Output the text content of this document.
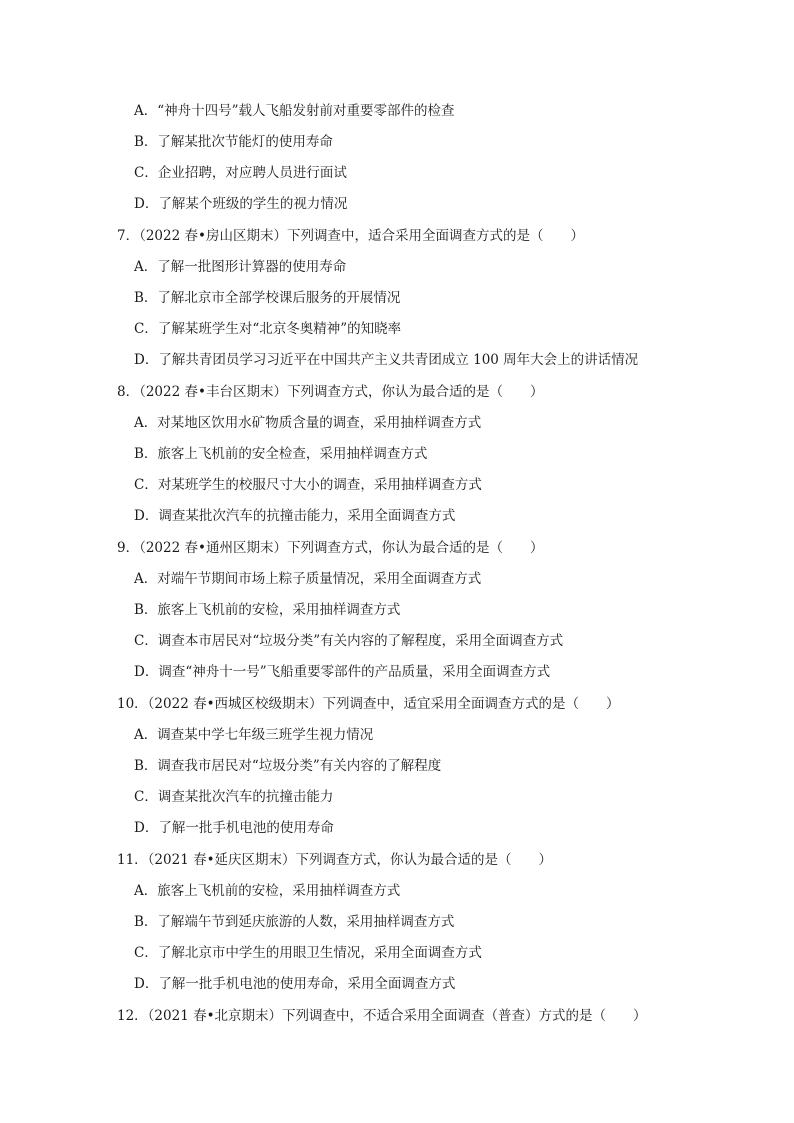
A．“神舟十四号”载人飞船发射前对重要零部件的检查
B．了解某批次节能灯的使用寿命
C．企业招聘，对应聘人员进行面试
D．了解某个班级的学生的视力情况
7．（2022 春•房山区期末）下列调查中，适合采用全面调查方式的是（　　）
A．了解一批图形计算器的使用寿命
B．了解北京市全部学校课后服务的开展情况
C．了解某班学生对“北京冬奥精神”的知晓率
D．了解共青团员学习习近平在中国共产主义共青团成立 100 周年大会上的讲话情况
8．（2022 春•丰台区期末）下列调查方式，你认为最合适的是（　　）
A．对某地区饮用水矿物质含量的调查，采用抽样调查方式
B．旅客上飞机前的安全检查，采用抽样调查方式
C．对某班学生的校服尺寸大小的调查，采用抽样调查方式
D．调查某批次汽车的抗撞击能力，采用全面调查方式
9．（2022 春•通州区期末）下列调查方式，你认为最合适的是（　　）
A．对端午节期间市场上粽子质量情况，采用全面调查方式
B．旅客上飞机前的安检，采用抽样调查方式
C．调查本市居民对“垃圾分类”有关内容的了解程度，采用全面调查方式
D．调查“神舟十一号”飞船重要零部件的产品质量，采用全面调查方式
10．（2022 春•西城区校级期末）下列调查中，适宜采用全面调查方式的是（　　）
A．调查某中学七年级三班学生视力情况
B．调查我市居民对“垃圾分类”有关内容的了解程度
C．调查某批次汽车的抗撞击能力
D．了解一批手机电池的使用寿命
11．（2021 春•延庆区期末）下列调查方式，你认为最合适的是（　　）
A．旅客上飞机前的安检，采用抽样调查方式
B．了解端午节到延庆旅游的人数，采用抽样调查方式
C．了解北京市中学生的用眼卫生情况，采用全面调查方式
D．了解一批手机电池的使用寿命，采用全面调查方式
12．（2021 春•北京期末）下列调查中，不适合采用全面调查（普查）方式的是（　　）
